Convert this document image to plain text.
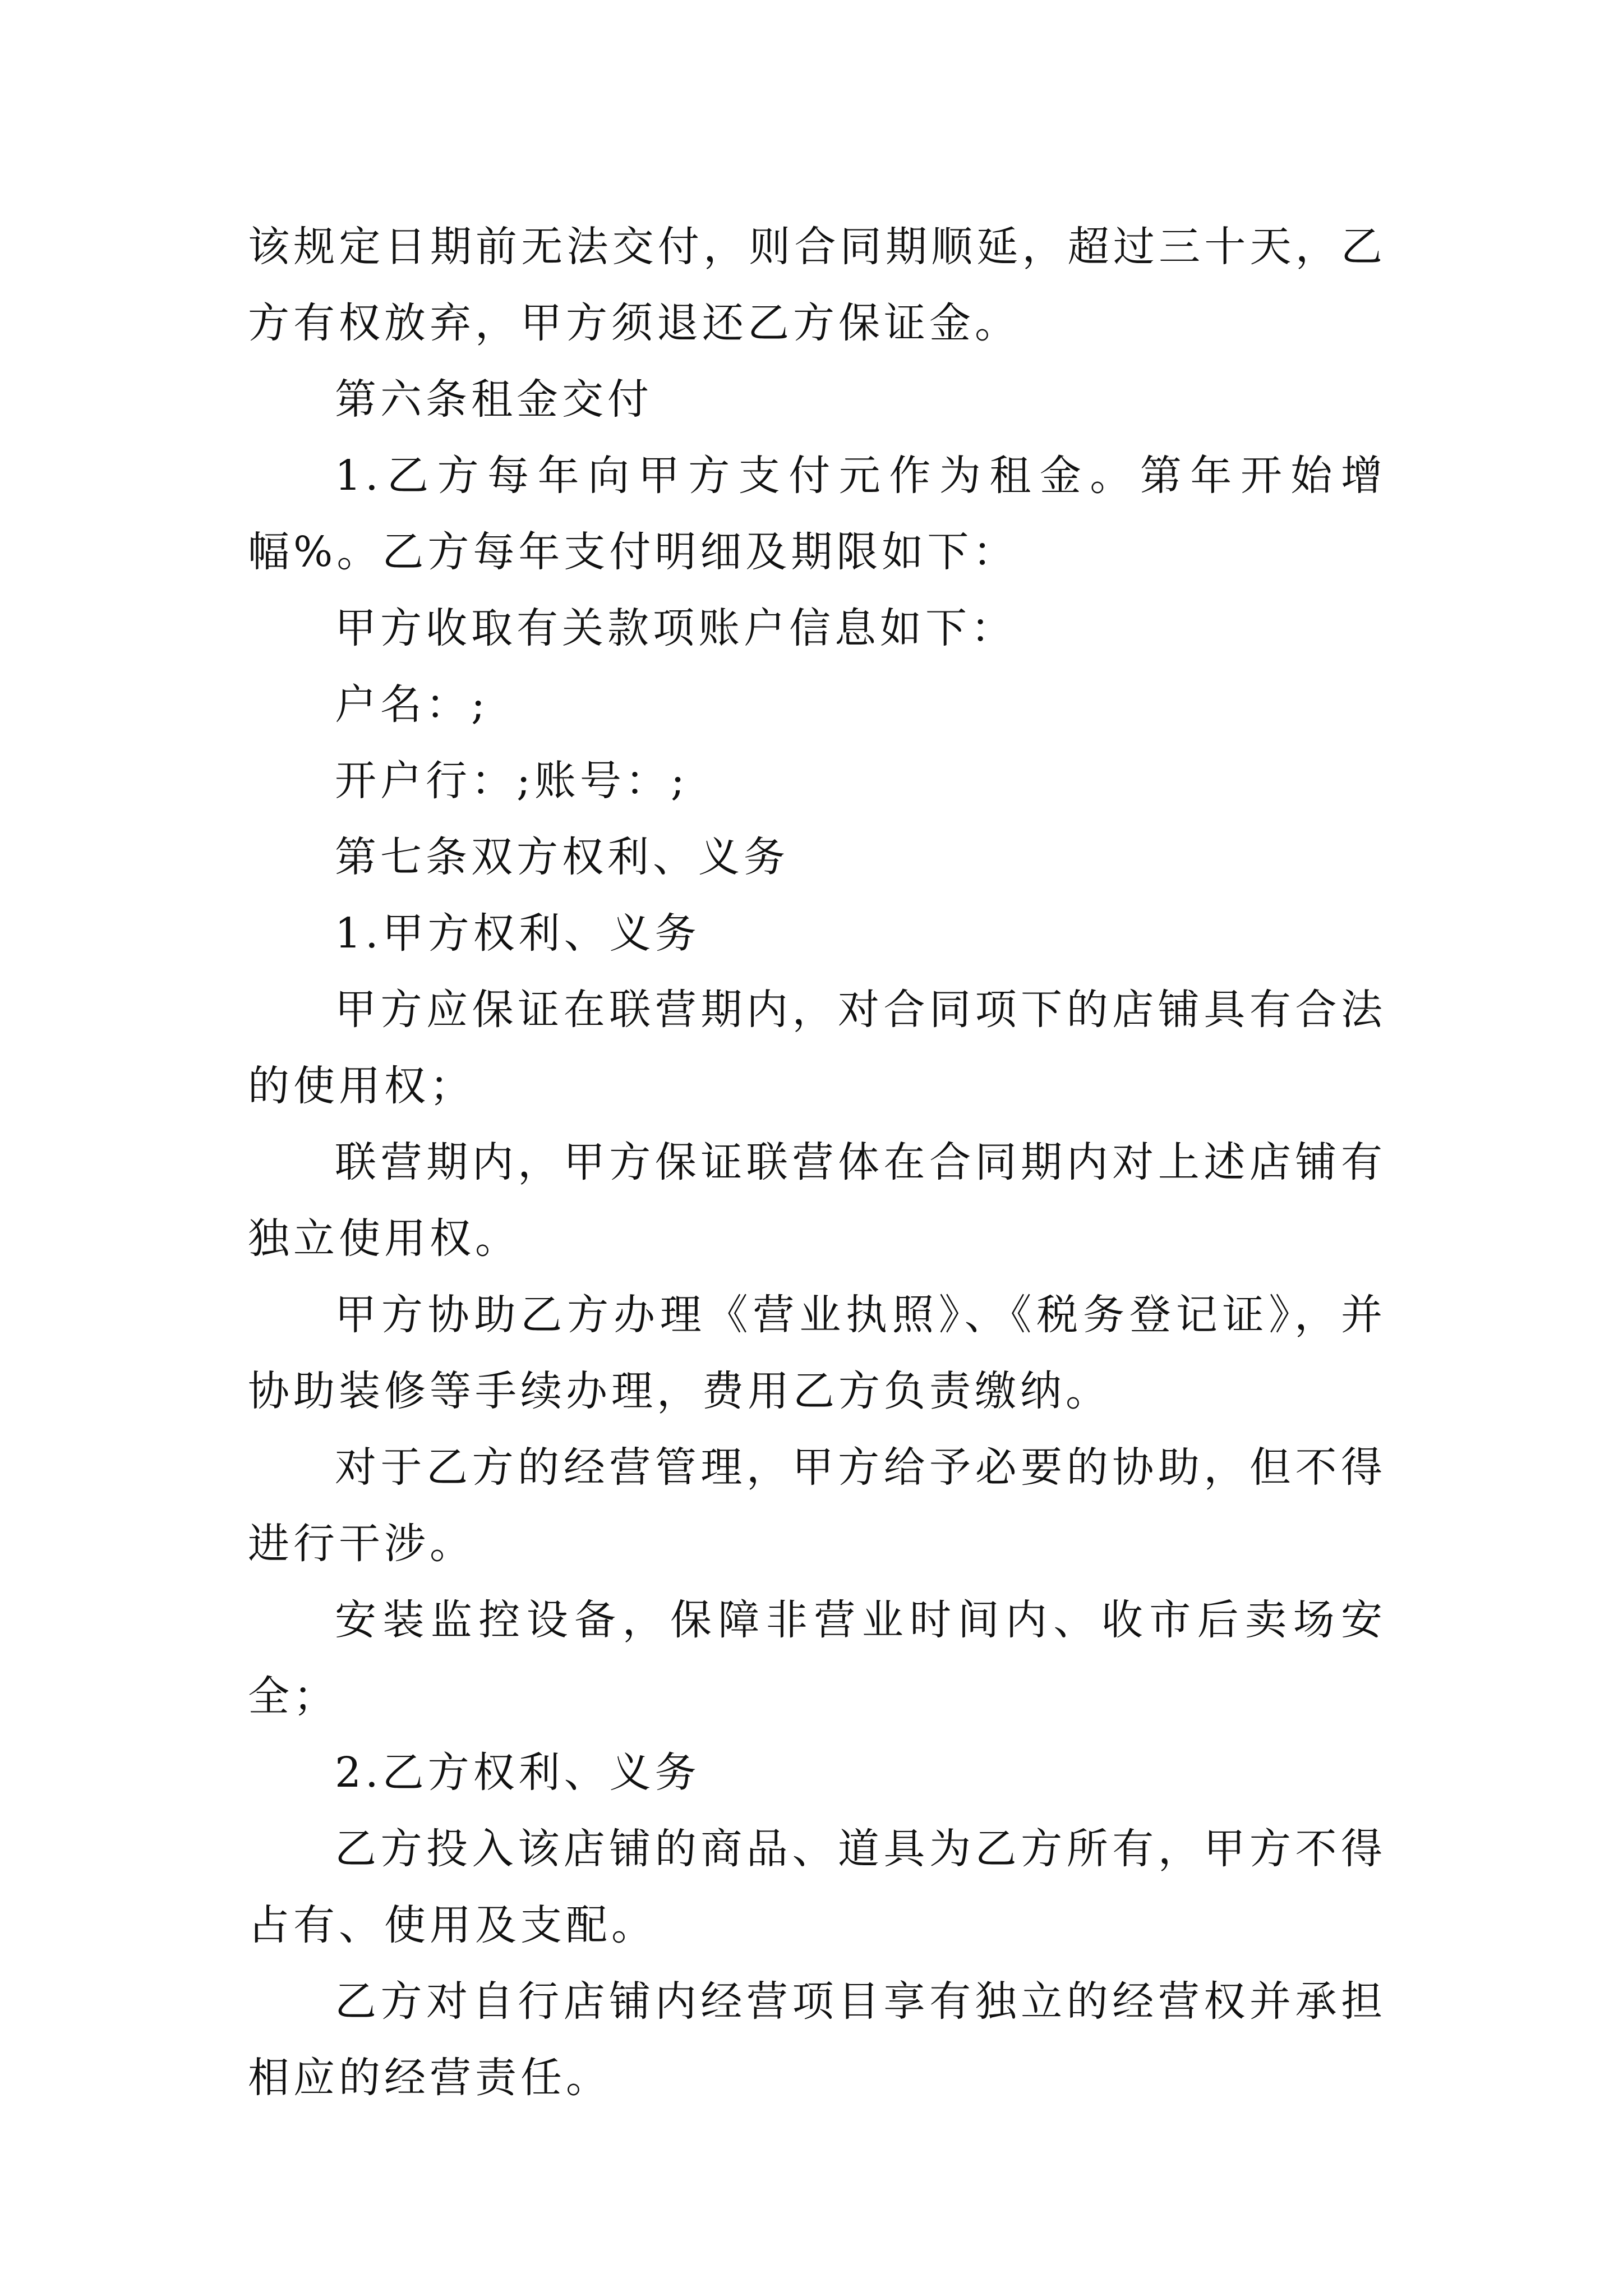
该规定日期前无法交付，则合同期顺延，超过三十天，乙方有权放弃，甲方须退还乙方保证金。

第六条租金交付

1.乙方每年向甲方支付元作为租金。第年开始增幅%。乙方每年支付明细及期限如下：

甲方收取有关款项账户信息如下：

户名：;

开户行：;账号：;

第七条双方权利、义务

1.甲方权利、义务

甲方应保证在联营期内，对合同项下的店铺具有合法的使用权；

联营期内，甲方保证联营体在合同期内对上述店铺有独立使用权。

甲方协助乙方办理《营业执照》、《税务登记证》，并协助装修等手续办理，费用乙方负责缴纳。

对于乙方的经营管理，甲方给予必要的协助，但不得进行干涉。

安装监控设备，保障非营业时间内、收市后卖场安全；

2.乙方权利、义务

乙方投入该店铺的商品、道具为乙方所有，甲方不得占有、使用及支配。

乙方对自行店铺内经营项目享有独立的经营权并承担相应的经营责任。
